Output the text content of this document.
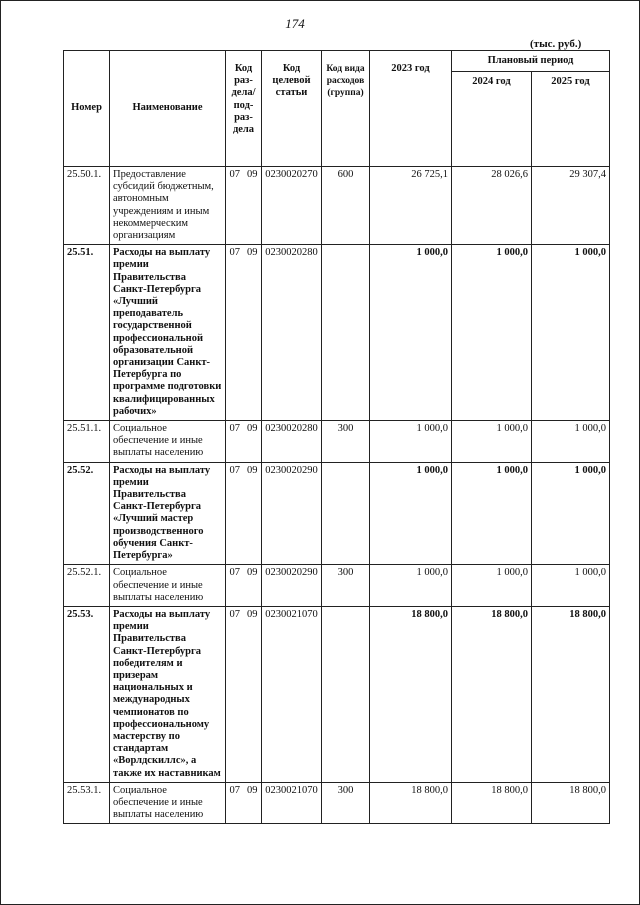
174
(тыс. руб.)
Номер	Наименование	Код раз-дела/ под-раз-дела	Код целевой статьи	Код вида расходов (группа)	2023 год	Плановый период	
						2024 год	2025 год
25.50.1.	Предоставление субсидий бюджетным, автономным учреждениям и иным некоммерческим организациям	07 09	0230020270	600	26 725,1	28 026,6	29 307,4
25.51.	Расходы на выплату премии Правительства Санкт-Петербурга «Лучший преподаватель государственной профессиональной образовательной организации Санкт-Петербурга по программе подготовки квалифицированных рабочих»	07 09	0230020280		1 000,0	1 000,0	1 000,0
25.51.1.	Социальное обеспечение и иные выплаты населению	07 09	0230020280	300	1 000,0	1 000,0	1 000,0
25.52.	Расходы на выплату премии Правительства Санкт-Петербурга «Лучший мастер производственного обучения Санкт-Петербурга»	07 09	0230020290		1 000,0	1 000,0	1 000,0
25.52.1.	Социальное обеспечение и иные выплаты населению	07 09	0230020290	300	1 000,0	1 000,0	1 000,0
25.53.	Расходы на выплату премии Правительства Санкт-Петербурга победителям и призерам национальных и международных чемпионатов по профессиональному мастерству по стандартам «Ворлдскиллс», а также их наставникам	07 09	0230021070		18 800,0	18 800,0	18 800,0
25.53.1.	Социальное обеспечение и иные выплаты населению	07 09	0230021070	300	18 800,0	18 800,0	18 800,0
